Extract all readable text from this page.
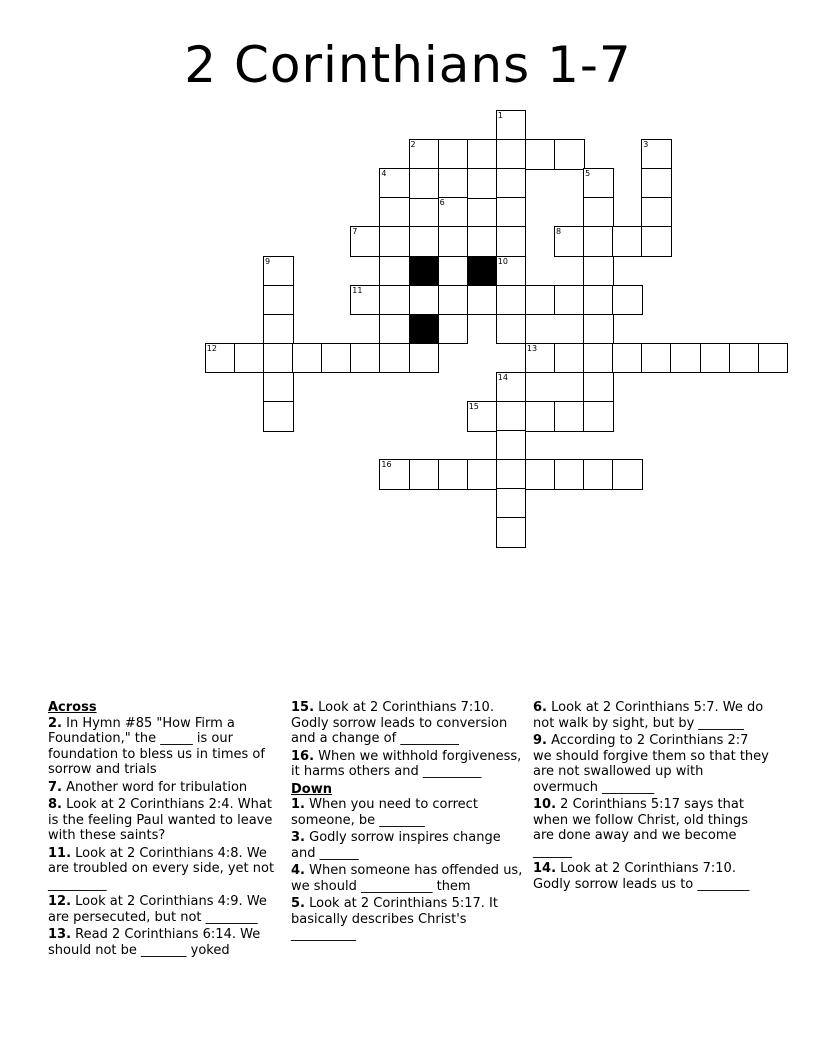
2 Corinthians 1-7
1
2	3
4	5
6
7	8
9	10
11
12	13
14
15
16
Across
2. In Hymn #85 "How Firm a Foundation," the _____ is our foundation to bless us in times of sorrow and trials
7. Another word for tribulation
8. Look at 2 Corinthians 2:4. What is the feeling Paul wanted to leave with these saints?
11. Look at 2 Corinthians 4:8. We are troubled on every side, yet not _________
12. Look at 2 Corinthians 4:9. We are persecuted, but not ________
13. Read 2 Corinthians 6:14. We should not be _______ yoked
15. Look at 2 Corinthians 7:10. Godly sorrow leads to conversion and a change of _________
16. When we withhold forgiveness, it harms others and _________
Down
1. When you need to correct someone, be _______
3. Godly sorrow inspires change and ______
4. When someone has offended us, we should ___________ them
5. Look at 2 Corinthians 5:17. It basically describes Christ's __________
6. Look at 2 Corinthians 5:7. We do not walk by sight, but by _______
9. According to 2 Corinthians 2:7 we should forgive them so that they are not swallowed up with overmuch ________
10. 2 Corinthians 5:17 says that when we follow Christ, old things are done away and we become ______
14. Look at 2 Corinthians 7:10. Godly sorrow leads us to ________
